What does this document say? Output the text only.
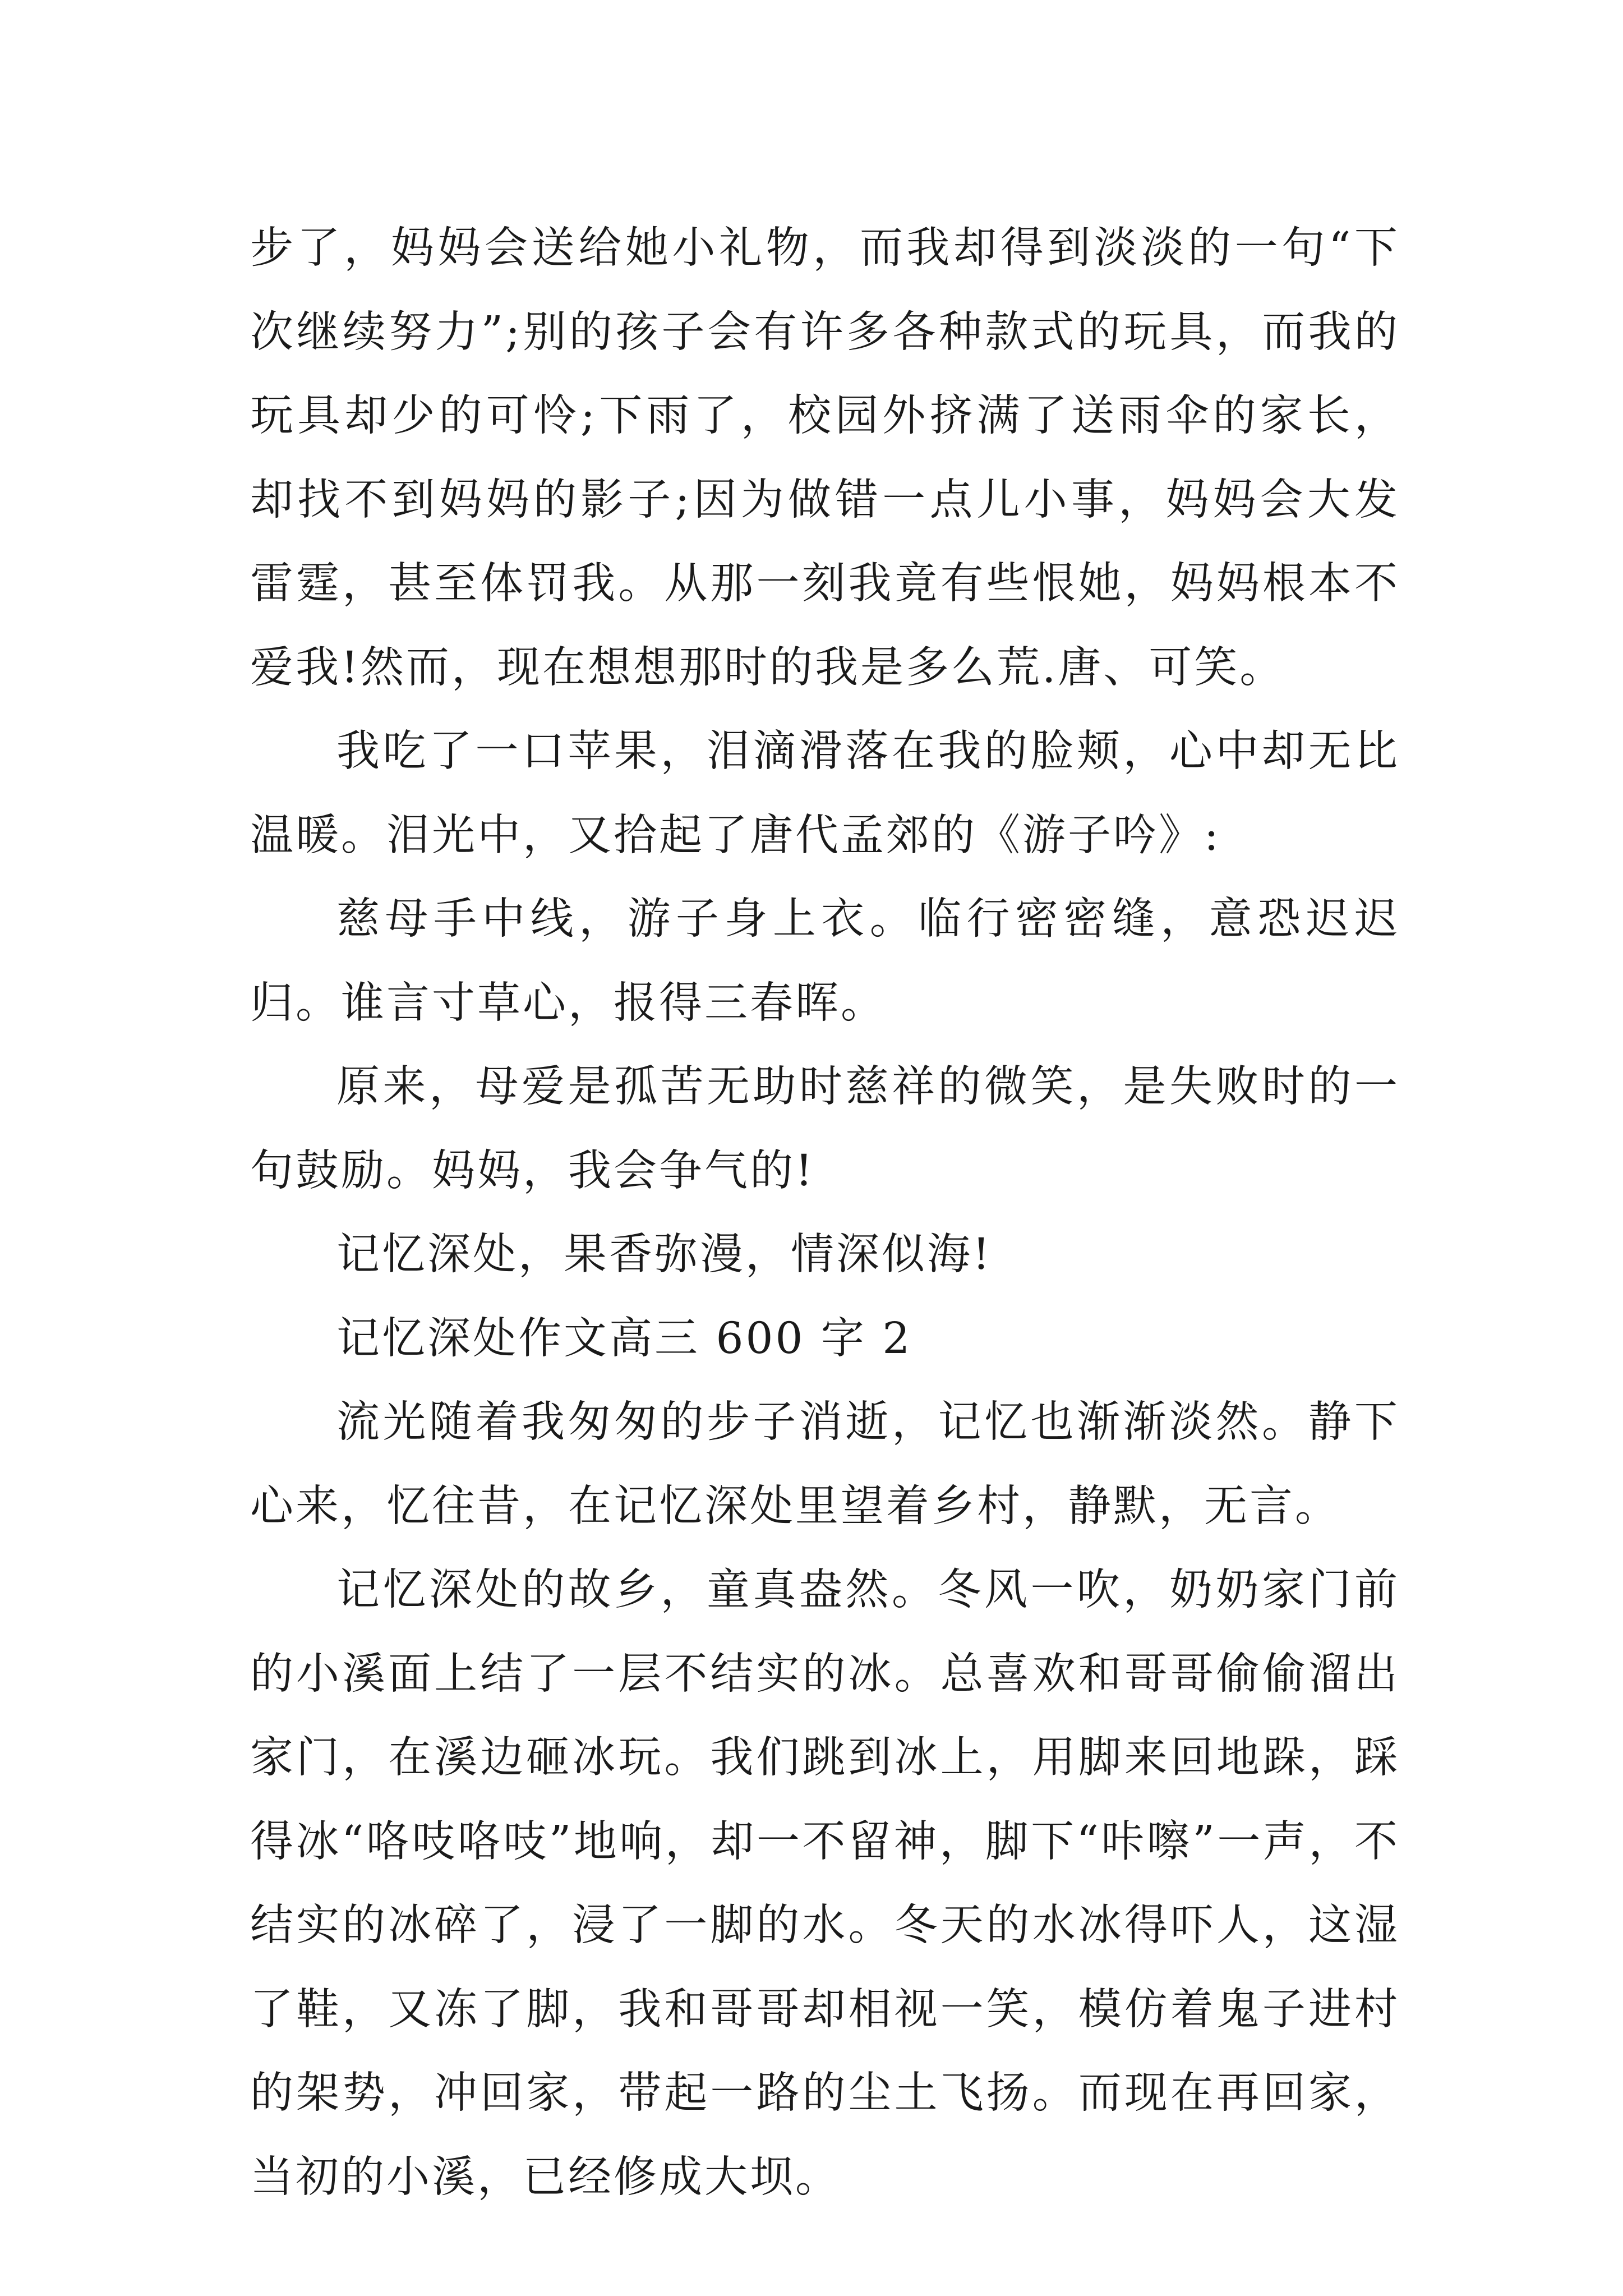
步了，妈妈会送给她小礼物，而我却得到淡淡的一句“下次继续努力”;别的孩子会有许多各种款式的玩具，而我的玩具却少的可怜;下雨了，校园外挤满了送雨伞的家长，却找不到妈妈的影子;因为做错一点儿小事，妈妈会大发雷霆，甚至体罚我。从那一刻我竟有些恨她，妈妈根本不爱我!然而，现在想想那时的我是多么荒.唐、可笑。

我吃了一口苹果，泪滴滑落在我的脸颊，心中却无比温暖。泪光中，又拾起了唐代孟郊的《游子吟》:

慈母手中线，游子身上衣。临行密密缝，意恐迟迟归。谁言寸草心，报得三春晖。

原来，母爱是孤苦无助时慈祥的微笑，是失败时的一句鼓励。妈妈，我会争气的!

记忆深处，果香弥漫，情深似海!

记忆深处作文高三 600 字 2

流光随着我匆匆的步子消逝，记忆也渐渐淡然。静下心来，忆往昔，在记忆深处里望着乡村，静默，无言。

记忆深处的故乡，童真盎然。冬风一吹，奶奶家门前的小溪面上结了一层不结实的冰。总喜欢和哥哥偷偷溜出家门，在溪边砸冰玩。我们跳到冰上，用脚来回地跺，踩得冰“咯吱咯吱”地响，却一不留神，脚下“咔嚓”一声，不结实的冰碎了，浸了一脚的水。冬天的水冰得吓人，这湿了鞋，又冻了脚，我和哥哥却相视一笑，模仿着鬼子进村的架势，冲回家，带起一路的尘土飞扬。而现在再回家，当初的小溪，已经修成大坝。
